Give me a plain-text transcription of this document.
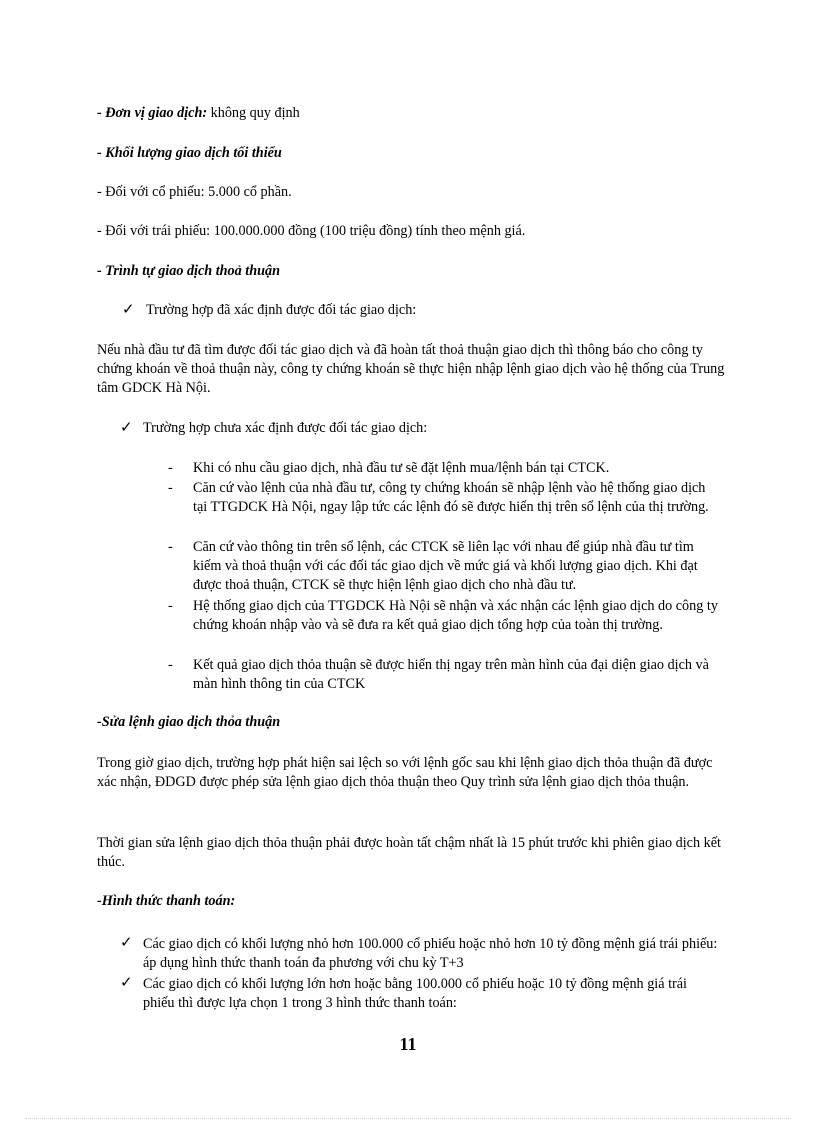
- Đơn vị giao dịch: không quy định
- Khối lượng giao dịch tối thiểu
- Đối với cổ phiếu: 5.000 cổ phần.
- Đối với trái phiếu: 100.000.000 đồng (100 triệu đồng) tính theo mệnh giá.
- Trình tự giao dịch thoả thuận
✓ Trường hợp đã xác định được đối tác giao dịch:
Nếu nhà đầu tư đã tìm được đối tác giao dịch và đã hoàn tất thoả thuận giao dịch thì thông báo cho công ty chứng khoán về thoả thuận này, công ty chứng khoán sẽ thực hiện nhập lệnh giao dịch vào hệ thống của Trung tâm GDCK Hà Nội.
✓ Trường hợp chưa xác định được đối tác giao dịch:
- Khi có nhu cầu giao dịch, nhà đầu tư sẽ đặt lệnh mua/lệnh bán tại CTCK.
- Căn cứ vào lệnh của nhà đầu tư, công ty chứng khoán sẽ nhập lệnh vào hệ thống giao dịch tại TTGDCK Hà Nội, ngay lập tức các lệnh đó sẽ được hiển thị trên sổ lệnh của thị trường.
- Căn cứ vào thông tin trên sổ lệnh, các CTCK sẽ liên lạc với nhau để giúp nhà đầu tư tìm kiếm và thoả thuận với các đối tác giao dịch về mức giá và khối lượng giao dịch. Khi đạt được thoả thuận, CTCK sẽ thực hiện lệnh giao dịch cho nhà đầu tư.
- Hệ thống giao dịch của TTGDCK Hà Nội sẽ nhận và xác nhận các lệnh giao dịch do công ty chứng khoán nhập vào và sẽ đưa ra kết quả giao dịch tổng hợp của toàn thị trường.
- Kết quả giao dịch thỏa thuận sẽ được hiển thị ngay trên màn hình của đại diện giao dịch và màn hình thông tin của CTCK
-Sửa lệnh giao dịch thỏa thuận
Trong giờ giao dịch, trường hợp phát hiện sai lệch so với lệnh gốc sau khi lệnh giao dịch thỏa thuận đã được xác nhận, ĐDGD được phép sửa lệnh giao dịch thỏa thuận theo Quy trình sửa lệnh giao dịch thỏa thuận.
Thời gian sửa lệnh giao dịch thỏa thuận phải được hoàn tất chậm nhất là 15 phút trước khi phiên giao dịch kết thúc.
-Hình thức thanh toán:
✓ Các giao dịch có khối lượng nhỏ hơn 100.000 cổ phiếu hoặc nhỏ hơn 10 tỷ đồng mệnh giá trái phiếu: áp dụng hình thức thanh toán đa phương với chu kỳ T+3
✓ Các giao dịch có khối lượng lớn hơn hoặc bằng 100.000 cổ phiếu hoặc 10 tỷ đồng mệnh giá trái phiếu thì được lựa chọn 1 trong 3 hình thức thanh toán:
11
